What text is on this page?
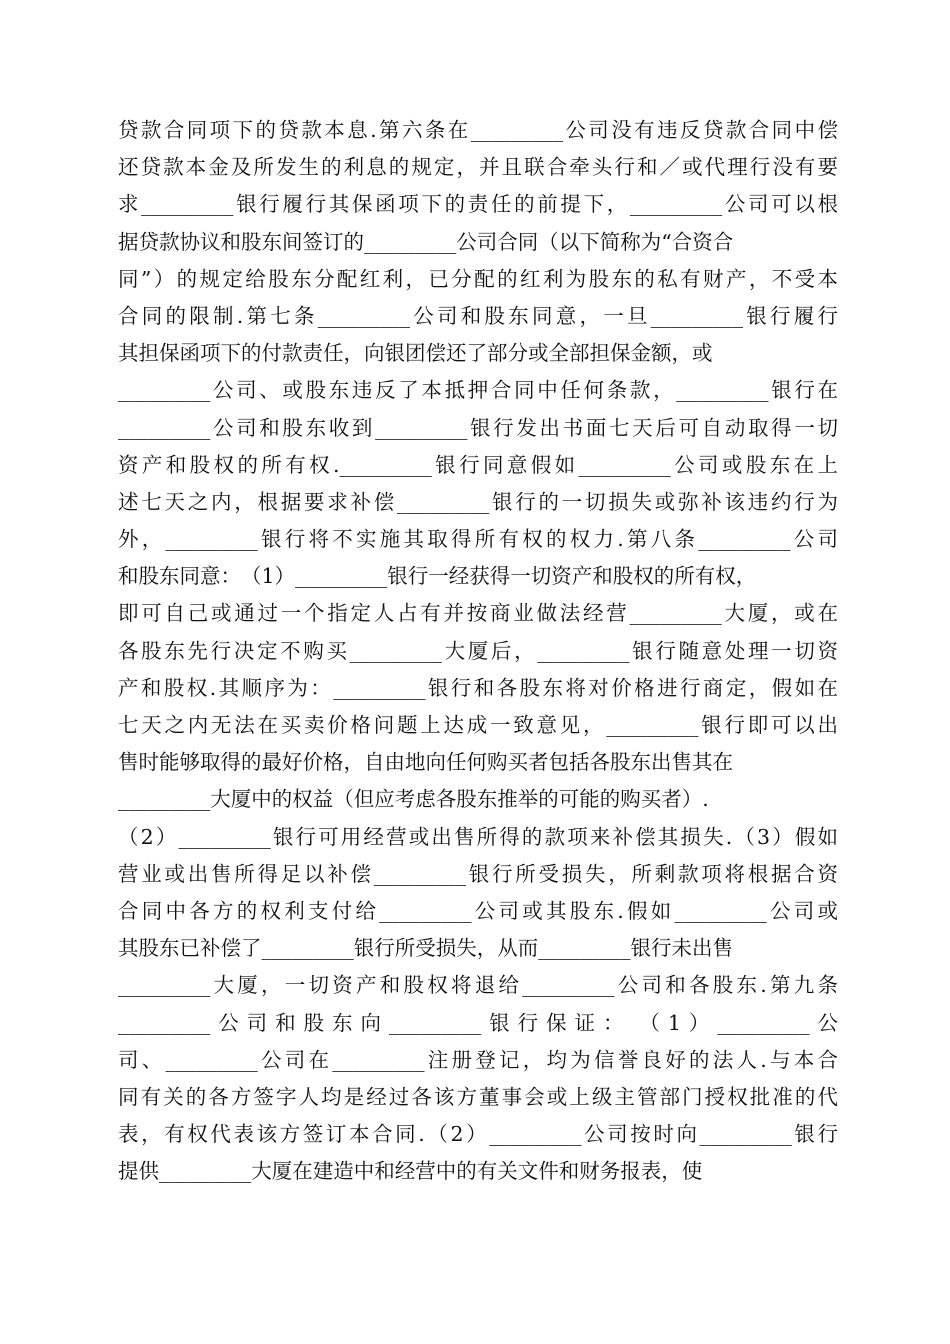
贷款合同项下的贷款本息.第六条在_________公司没有违反贷款合同中偿
还贷款本金及所发生的利息的规定，并且联合牵头行和／或代理行没有要
求_________银行履行其保函项下的责任的前提下，_________公司可以根
据贷款协议和股东间签订的_________公司合同（以下简称为“合资合
同”）的规定给股东分配红利，已分配的红利为股东的私有财产，不受本
合同的限制.第七条_________公司和股东同意，一旦_________银行履行
其担保函项下的付款责任，向银团偿还了部分或全部担保金额，或
_________公司、或股东违反了本抵押合同中任何条款，_________银行在
_________公司和股东收到_________银行发出书面七天后可自动取得一切
资产和股权的所有权._________银行同意假如_________公司或股东在上
述七天之内，根据要求补偿_________银行的一切损失或弥补该违约行为
外，_________银行将不实施其取得所有权的权力.第八条_________公司
和股东同意：　（1）_________银行一经获得一切资产和股权的所有权，
即可自己或通过一个指定人占有并按商业做法经营_________大厦，或在
各股东先行决定不购买_________大厦后，_________银行随意处理一切资
产和股权.其顺序为：_________银行和各股东将对价格进行商定，假如在
七天之内无法在买卖价格问题上达成一致意见，_________银行即可以出
售时能够取得的最好价格，自由地向任何购买者包括各股东出售其在
_________大厦中的权益（但应考虑各股东推举的可能的购买者）.
（2）_________银行可用经营或出售所得的款项来补偿其损失.（3）假如
营业或出售所得足以补偿_________银行所受损失，所剩款项将根据合资
合同中各方的权利支付给_________公司或其股东.假如_________公司或
其股东已补偿了_________银行所受损失，从而_________银行未出售
_________大厦，一切资产和股权将退给_________公司和各股东.第九条
_________公司和股东向_________银行保证：　（1）_________公
司、_________公司在_________注册登记，均为信誉良好的法人.与本合
同有关的各方签字人均是经过各该方董事会或上级主管部门授权批准的代
表，有权代表该方签订本合同.（2）_________公司按时向_________银行
提供_________大厦在建造中和经营中的有关文件和财务报表，使
